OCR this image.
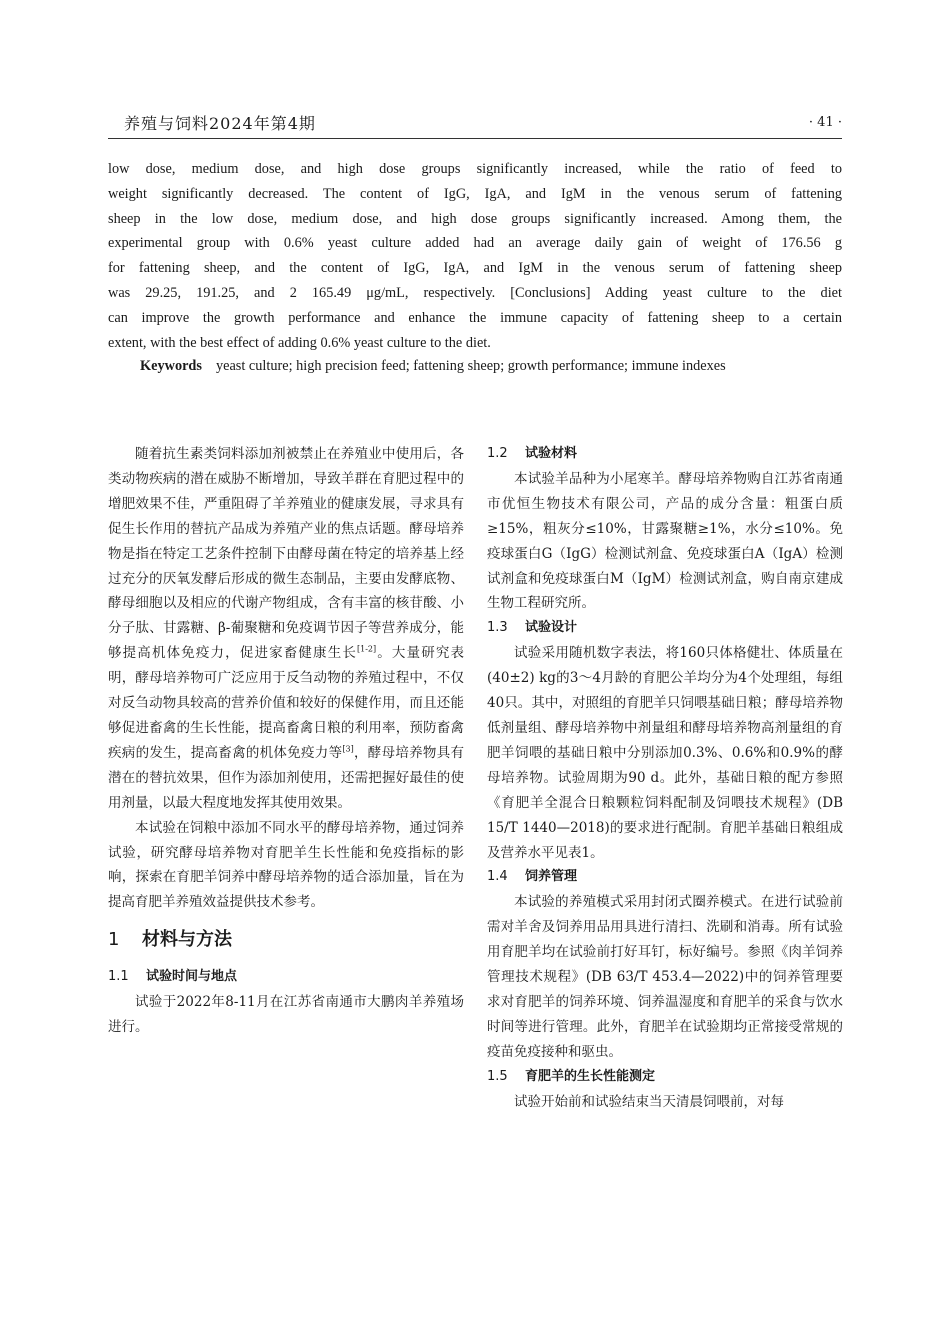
养殖与饲料2024年第4期	· 41 ·
low dose, medium dose, and high dose groups significantly increased, while the ratio of feed to
weight significantly decreased. The content of IgG, IgA, and IgM in the venous serum of fattening
sheep in the low dose, medium dose, and high dose groups significantly increased. Among them, the
experimental group with 0.6% yeast culture added had an average daily gain of weight of 176.56 g
for fattening sheep, and the content of IgG, IgA, and IgM in the venous serum of fattening sheep
was 29.25, 191.25, and 2 165.49 μg/mL, respectively. [Conclusions] Adding yeast culture to the diet
can improve the growth performance and enhance the immune capacity of fattening sheep to a certain
extent, with the best effect of adding 0.6% yeast culture to the diet.
Keywords yeast culture; high precision feed; fattening sheep; growth performance; immune indexes

随着抗生素类饲料添加剂被禁止在养殖业中使用后，各类动物疾病的潜在威胁不断增加，导致羊群在育肥过程中的增肥效果不佳，严重阻碍了羊养殖业的健康发展，寻求具有促生长作用的替抗产品成为养殖产业的焦点话题。酵母培养物是指在特定工艺条件控制下由酵母菌在特定的培养基上经过充分的厌氧发酵后形成的微生态制品，主要由发酵底物、酵母细胞以及相应的代谢产物组成，含有丰富的核苷酸、小分子肽、甘露糖、β-葡聚糖和免疫调节因子等营养成分，能够提高机体免疫力，促进家畜健康生长[1-2]。大量研究表明，酵母培养物可广泛应用于反刍动物的养殖过程中，不仅对反刍动物具较高的营养价值和较好的保健作用，而且还能够促进畜禽的生长性能，提高畜禽日粮的利用率，预防畜禽疾病的发生，提高畜禽的机体免疫力等[3]，酵母培养物具有潜在的替抗效果，但作为添加剂使用，还需把握好最佳的使用剂量，以最大程度地发挥其使用效果。

本试验在饲粮中添加不同水平的酵母培养物，通过饲养试验，研究酵母培养物对育肥羊生长性能和免疫指标的影响，探索在育肥羊饲养中酵母培养物的适合添加量，旨在为提高育肥羊养殖效益提供技术参考。

1 材料与方法
1.1 试验时间与地点

试验于2022年8-11月在江苏省南通市大鹏肉羊养殖场进行。

1.2 试验材料

本试验羊品种为小尾寒羊。酵母培养物购自江苏省南通市优恒生物技术有限公司，产品的成分含量：粗蛋白质≥15%，粗灰分≤10%，甘露聚糖≥1%，水分≤10%。免疫球蛋白G（IgG）检测试剂盒、免疫球蛋白A（IgA）检测试剂盒和免疫球蛋白M（IgM）检测试剂盒，购自南京建成生物工程研究所。

1.3 试验设计

试验采用随机数字表法，将160只体格健壮、体质量在(40±2) kg的3～4月龄的育肥公羊均分为4个处理组，每组40只。其中，对照组的育肥羊只饲喂基础日粮；酵母培养物低剂量组、酵母培养物中剂量组和酵母培养物高剂量组的育肥羊饲喂的基础日粮中分别添加0.3%、0.6%和0.9%的酵母培养物。试验周期为90 d。此外，基础日粮的配方参照《育肥羊全混合日粮颗粒饲料配制及饲喂技术规程》(DB 15/T 1440—2018)的要求进行配制。育肥羊基础日粮组成及营养水平见表1。

1.4 饲养管理

本试验的养殖模式采用封闭式圈养模式。在进行试验前需对羊舍及饲养用品用具进行清扫、洗刷和消毒。所有试验用育肥羊均在试验前打好耳钉，标好编号。参照《肉羊饲养管理技术规程》(DB 63/T 453.4—2022)中的饲养管理要求对育肥羊的饲养环境、饲养温湿度和育肥羊的采食与饮水时间等进行管理。此外，育肥羊在试验期均正常接受常规的疫苗免疫接种和驱虫。

1.5 育肥羊的生长性能测定

试验开始前和试验结束当天清晨饲喂前，对每
